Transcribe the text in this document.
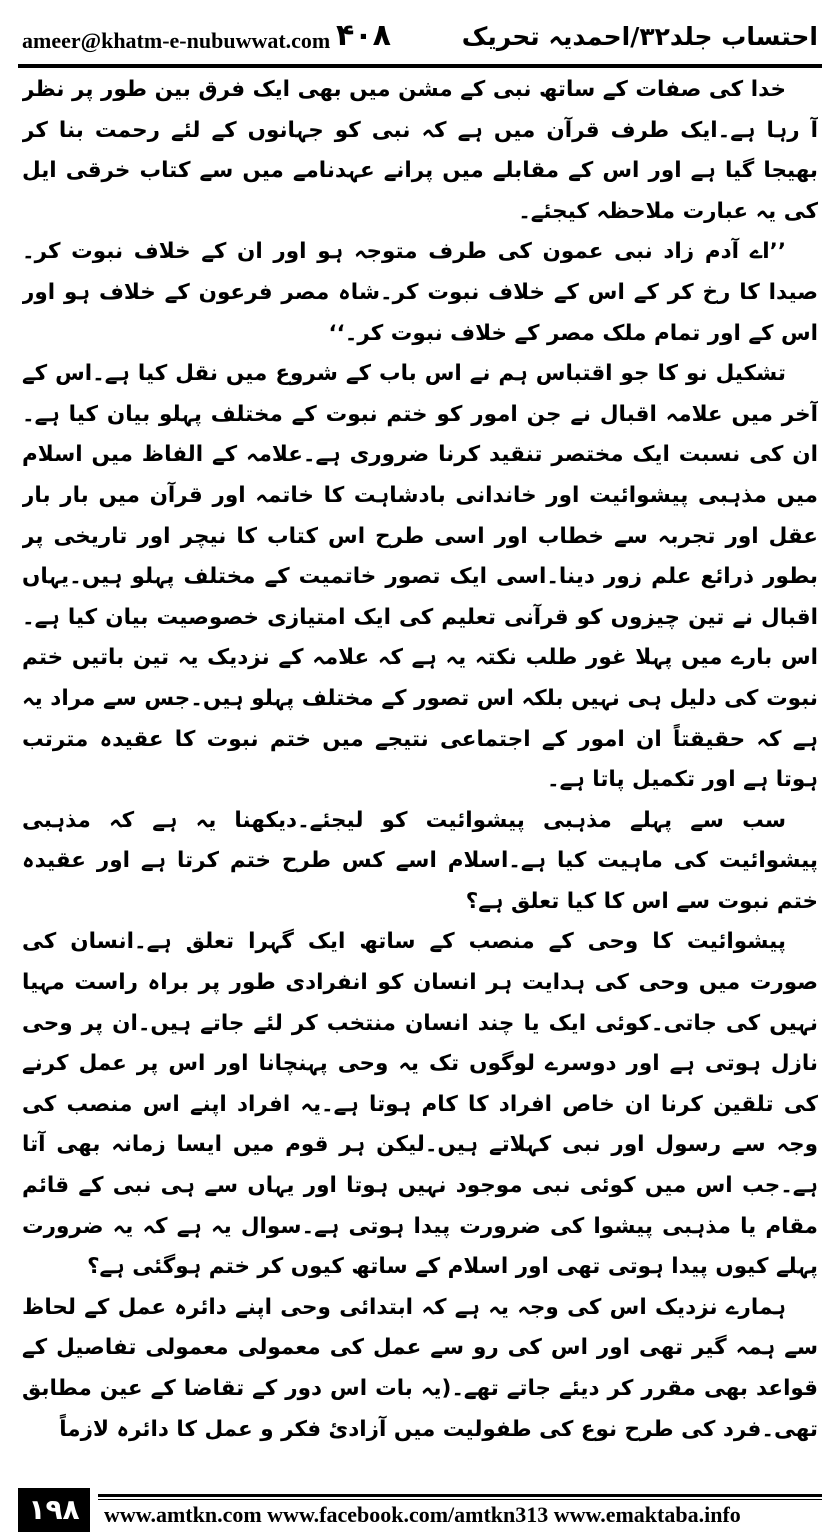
ameer@khatm-e-nubuwwat.com ۴۰۸	احتساب جلد۳۲/احمدیہ تحریک

خدا کی صفات کے ساتھ نبی کے مشن میں بھی ایک فرق بین طور پر نظر آ رہا ہے۔ایک طرف قرآن میں ہے کہ نبی کو جہانوں کے لئے رحمت بنا کر بھیجا گیا ہے اور اس کے مقابلے میں پرانے عہدنامے میں سے کتاب خرقی ایل کی یہ عبارت ملاحظہ کیجئے۔

’’اے آدم زاد نبی عمون کی طرف متوجہ ہو اور ان کے خلاف نبوت کر۔صیدا کا رخ کر کے اس کے خلاف نبوت کر۔شاہ مصر فرعون کے خلاف ہو اور اس کے اور تمام ملک مصر کے خلاف نبوت کر۔‘‘

تشکیل نو کا جو اقتباس ہم نے اس باب کے شروع میں نقل کیا ہے۔اس کے آخر میں علامہ اقبال نے جن امور کو ختم نبوت کے مختلف پہلو بیان کیا ہے۔ان کی نسبت ایک مختصر تنقید کرنا ضروری ہے۔علامہ کے الفاظ میں اسلام میں مذہبی پیشوائیت اور خاندانی بادشاہت کا خاتمہ اور قرآن میں بار بار عقل اور تجربہ سے خطاب اور اسی طرح اس کتاب کا نیچر اور تاریخی پر بطور ذرائع علم زور دینا۔اسی ایک تصور خاتمیت کے مختلف پہلو ہیں۔یہاں اقبال نے تین چیزوں کو قرآنی تعلیم کی ایک امتیازی خصوصیت بیان کیا ہے۔اس بارے میں پہلا غور طلب نکتہ یہ ہے کہ علامہ کے نزدیک یہ تین باتیں ختم نبوت کی دلیل ہی نہیں بلکہ اس تصور کے مختلف پہلو ہیں۔جس سے مراد یہ ہے کہ حقیقتاً ان امور کے اجتماعی نتیجے میں ختم نبوت کا عقیدہ مترتب ہوتا ہے اور تکمیل پاتا ہے۔

سب سے پہلے مذہبی پیشوائیت کو لیجئے۔دیکھنا یہ ہے کہ مذہبی پیشوائیت کی ماہیت کیا ہے۔اسلام اسے کس طرح ختم کرتا ہے اور عقیدہ ختم نبوت سے اس کا کیا تعلق ہے؟

پیشوائیت کا وحی کے منصب کے ساتھ ایک گہرا تعلق ہے۔انسان کی صورت میں وحی کی ہدایت ہر انسان کو انفرادی طور پر براہ راست مہیا نہیں کی جاتی۔کوئی ایک یا چند انسان منتخب کر لئے جاتے ہیں۔ان پر وحی نازل ہوتی ہے اور دوسرے لوگوں تک یہ وحی پہنچانا اور اس پر عمل کرنے کی تلقین کرنا ان خاص افراد کا کام ہوتا ہے۔یہ افراد اپنے اس منصب کی وجہ سے رسول اور نبی کہلاتے ہیں۔لیکن ہر قوم میں ایسا زمانہ بھی آتا ہے۔جب اس میں کوئی نبی موجود نہیں ہوتا اور یہاں سے ہی نبی کے قائم مقام یا مذہبی پیشوا کی ضرورت پیدا ہوتی ہے۔سوال یہ ہے کہ یہ ضرورت پہلے کیوں پیدا ہوتی تھی اور اسلام کے ساتھ کیوں کر ختم ہوگئی ہے؟

ہمارے نزدیک اس کی وجہ یہ ہے کہ ابتدائی وحی اپنے دائرہ عمل کے لحاظ سے ہمہ گیر تھی اور اس کی رو سے عمل کی معمولی معمولی تفاصیل کے قواعد بھی مقرر کر دیئے جاتے تھے۔(یہ بات اس دور کے تقاضا کے عین مطابق تھی۔فرد کی طرح نوع کی طفولیت میں آزادئ فکر و عمل کا دائرہ لازماً

۱۹۸	www.amtkn.com www.facebook.com/amtkn313 www.emaktaba.info
